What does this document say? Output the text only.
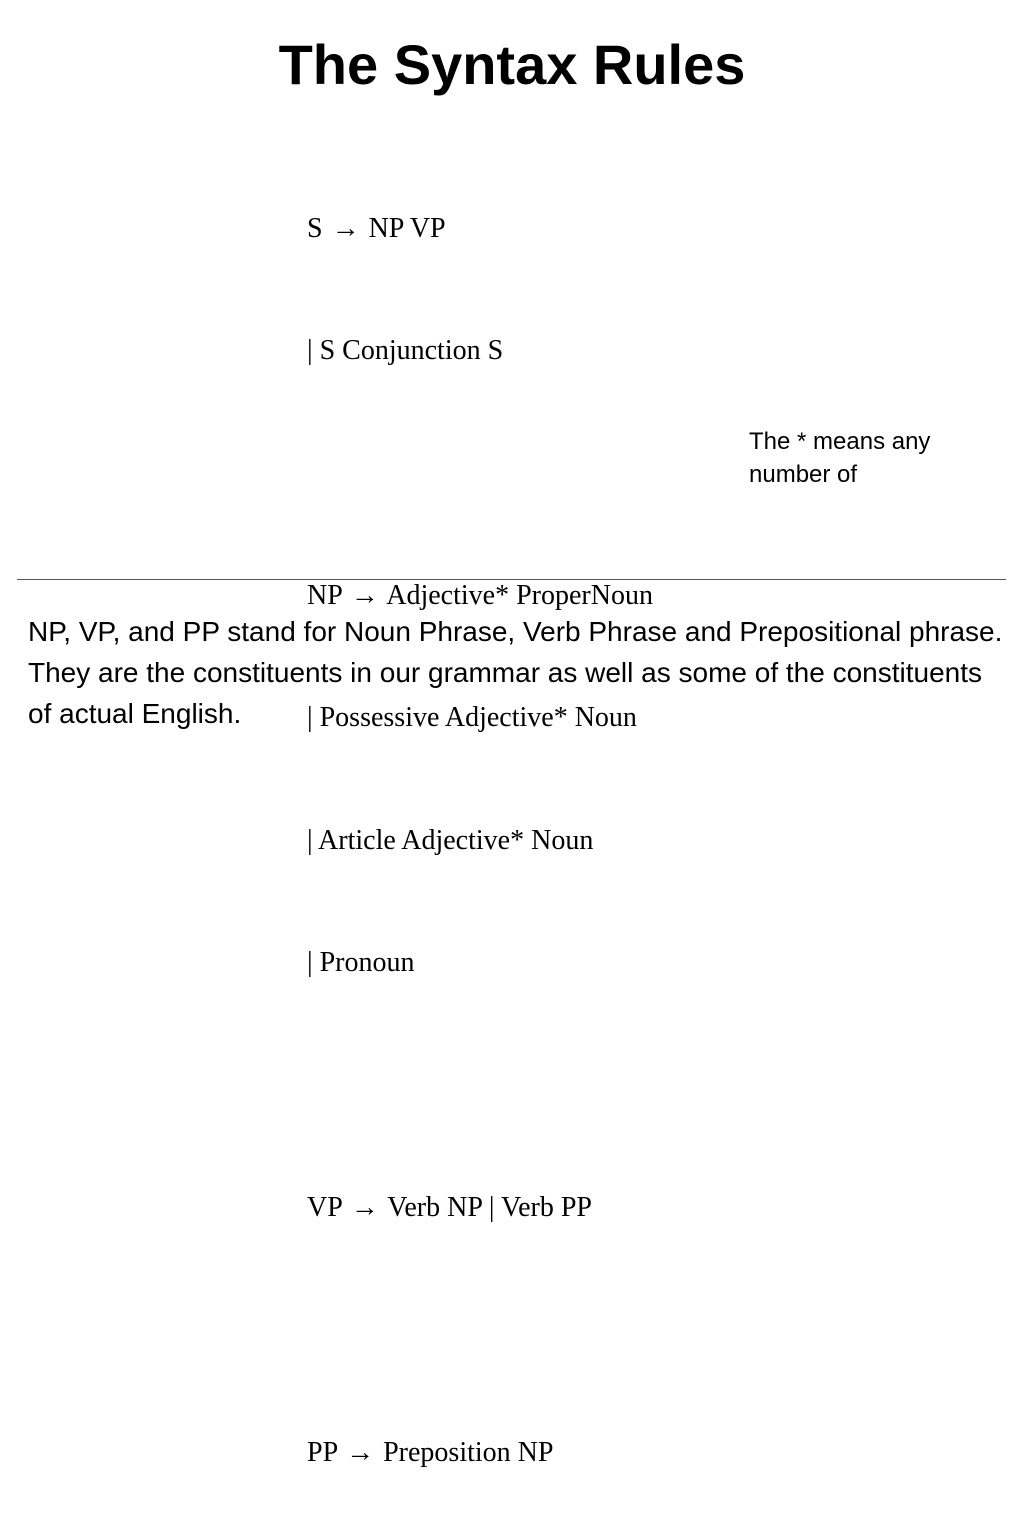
The Syntax Rules

S → NP VP

| S Conjunction S

NP → Adjective* ProperNoun

| Possessive Adjective* Noun

| Article Adjective* Noun

| Pronoun

VP → Verb NP | Verb PP

PP → Preposition NP

The * means any number of
NP, VP, and PP stand for Noun Phrase, Verb Phrase and Prepositional phrase. They are the constituents in our grammar as well as some of the constituents of actual English.
